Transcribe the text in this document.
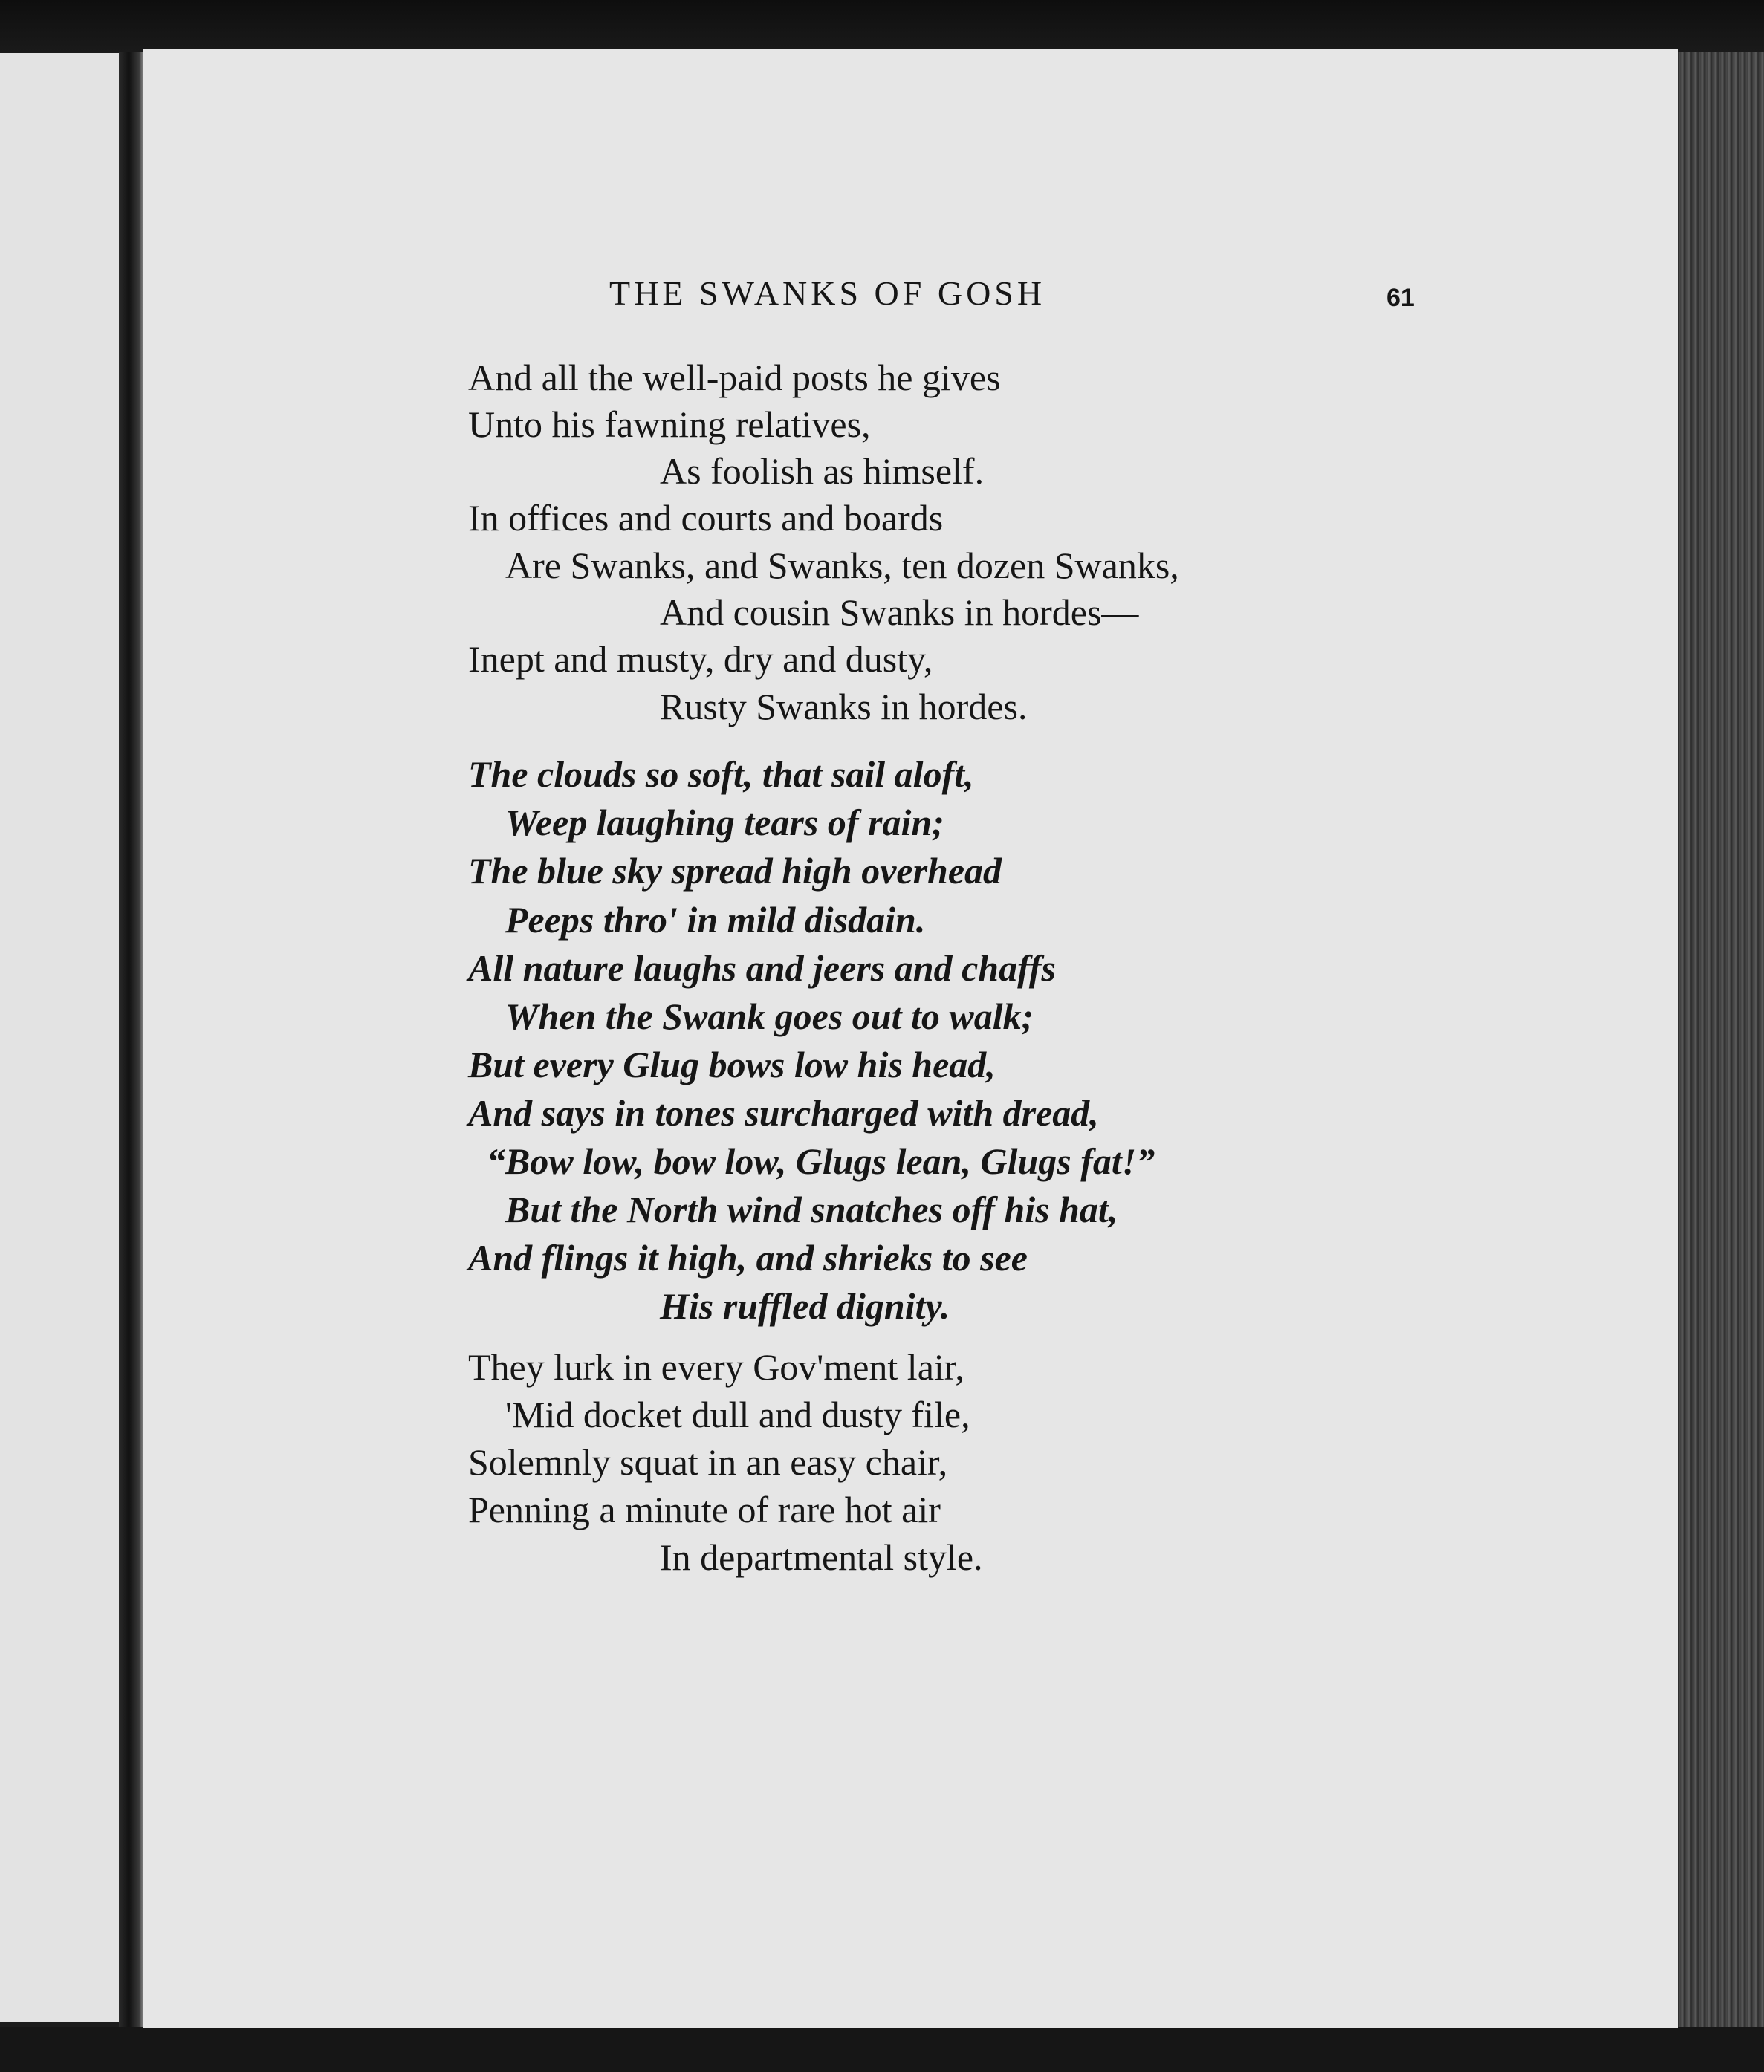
THE SWANKS OF GOSH	61
And all the well-paid posts he gives
Unto his fawning relatives,
As foolish as himself.
In offices and courts and boards
Are Swanks, and Swanks, ten dozen Swanks,
And cousin Swanks in hordes—
Inept and musty, dry and dusty,
Rusty Swanks in hordes.
The clouds so soft, that sail aloft,
Weep laughing tears of rain;
The blue sky spread high overhead
Peeps thro' in mild disdain.
All nature laughs and jeers and chaffs
When the Swank goes out to walk;
But every Glug bows low his head,
And says in tones surcharged with dread,
“Bow low, bow low, Glugs lean, Glugs fat!”
But the North wind snatches off his hat,
And flings it high, and shrieks to see
His ruffled dignity.
They lurk in every Gov'ment lair,
'Mid docket dull and dusty file,
Solemnly squat in an easy chair,
Penning a minute of rare hot air
In departmental style.
